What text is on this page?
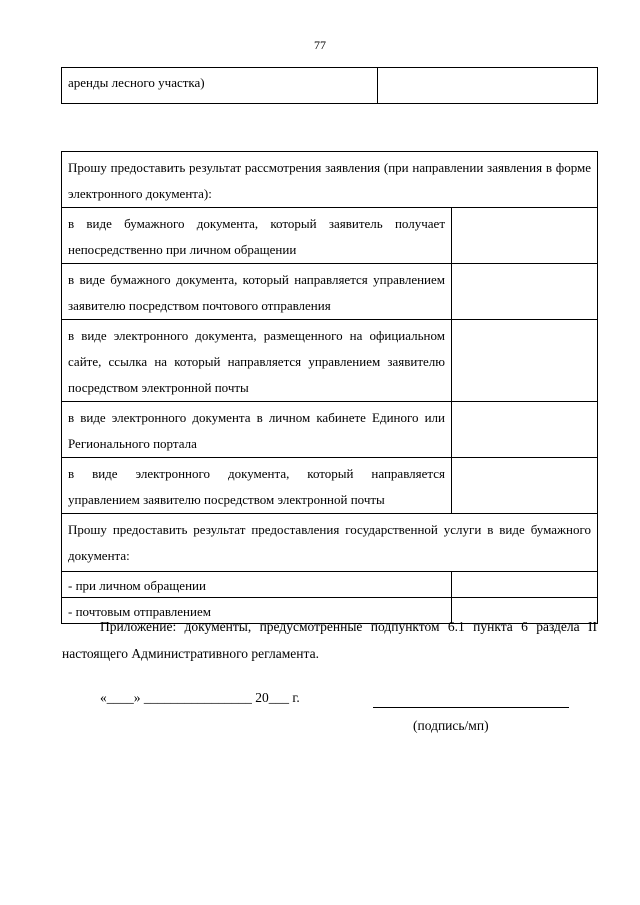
77
аренды лесного участка)	
Прошу предоставить результат рассмотрения заявления (при направлении заявления в форме электронного документа):	
в виде бумажного документа, который заявитель получает непосредственно при личном обращении	
в виде бумажного документа, который направляется управлением заявителю посредством почтового отправления	
в виде электронного документа, размещенного на официальном сайте, ссылка на который направляется управлением заявителю посредством электронной почты	
в виде электронного документа в личном кабинете Единого или Регионального портала	
в виде электронного документа, который направляется управлением заявителю посредством электронной почты	
Прошу предоставить результат предоставления государственной услуги в виде бумажного документа:	
- при личном обращении	
- почтовым отправлением	

Приложение: документы, предусмотренные подпунктом 6.1 пункта 6 раздела II настоящего Административного регламента.

«____» ________________ 20___ г.
(подпись/мп)
